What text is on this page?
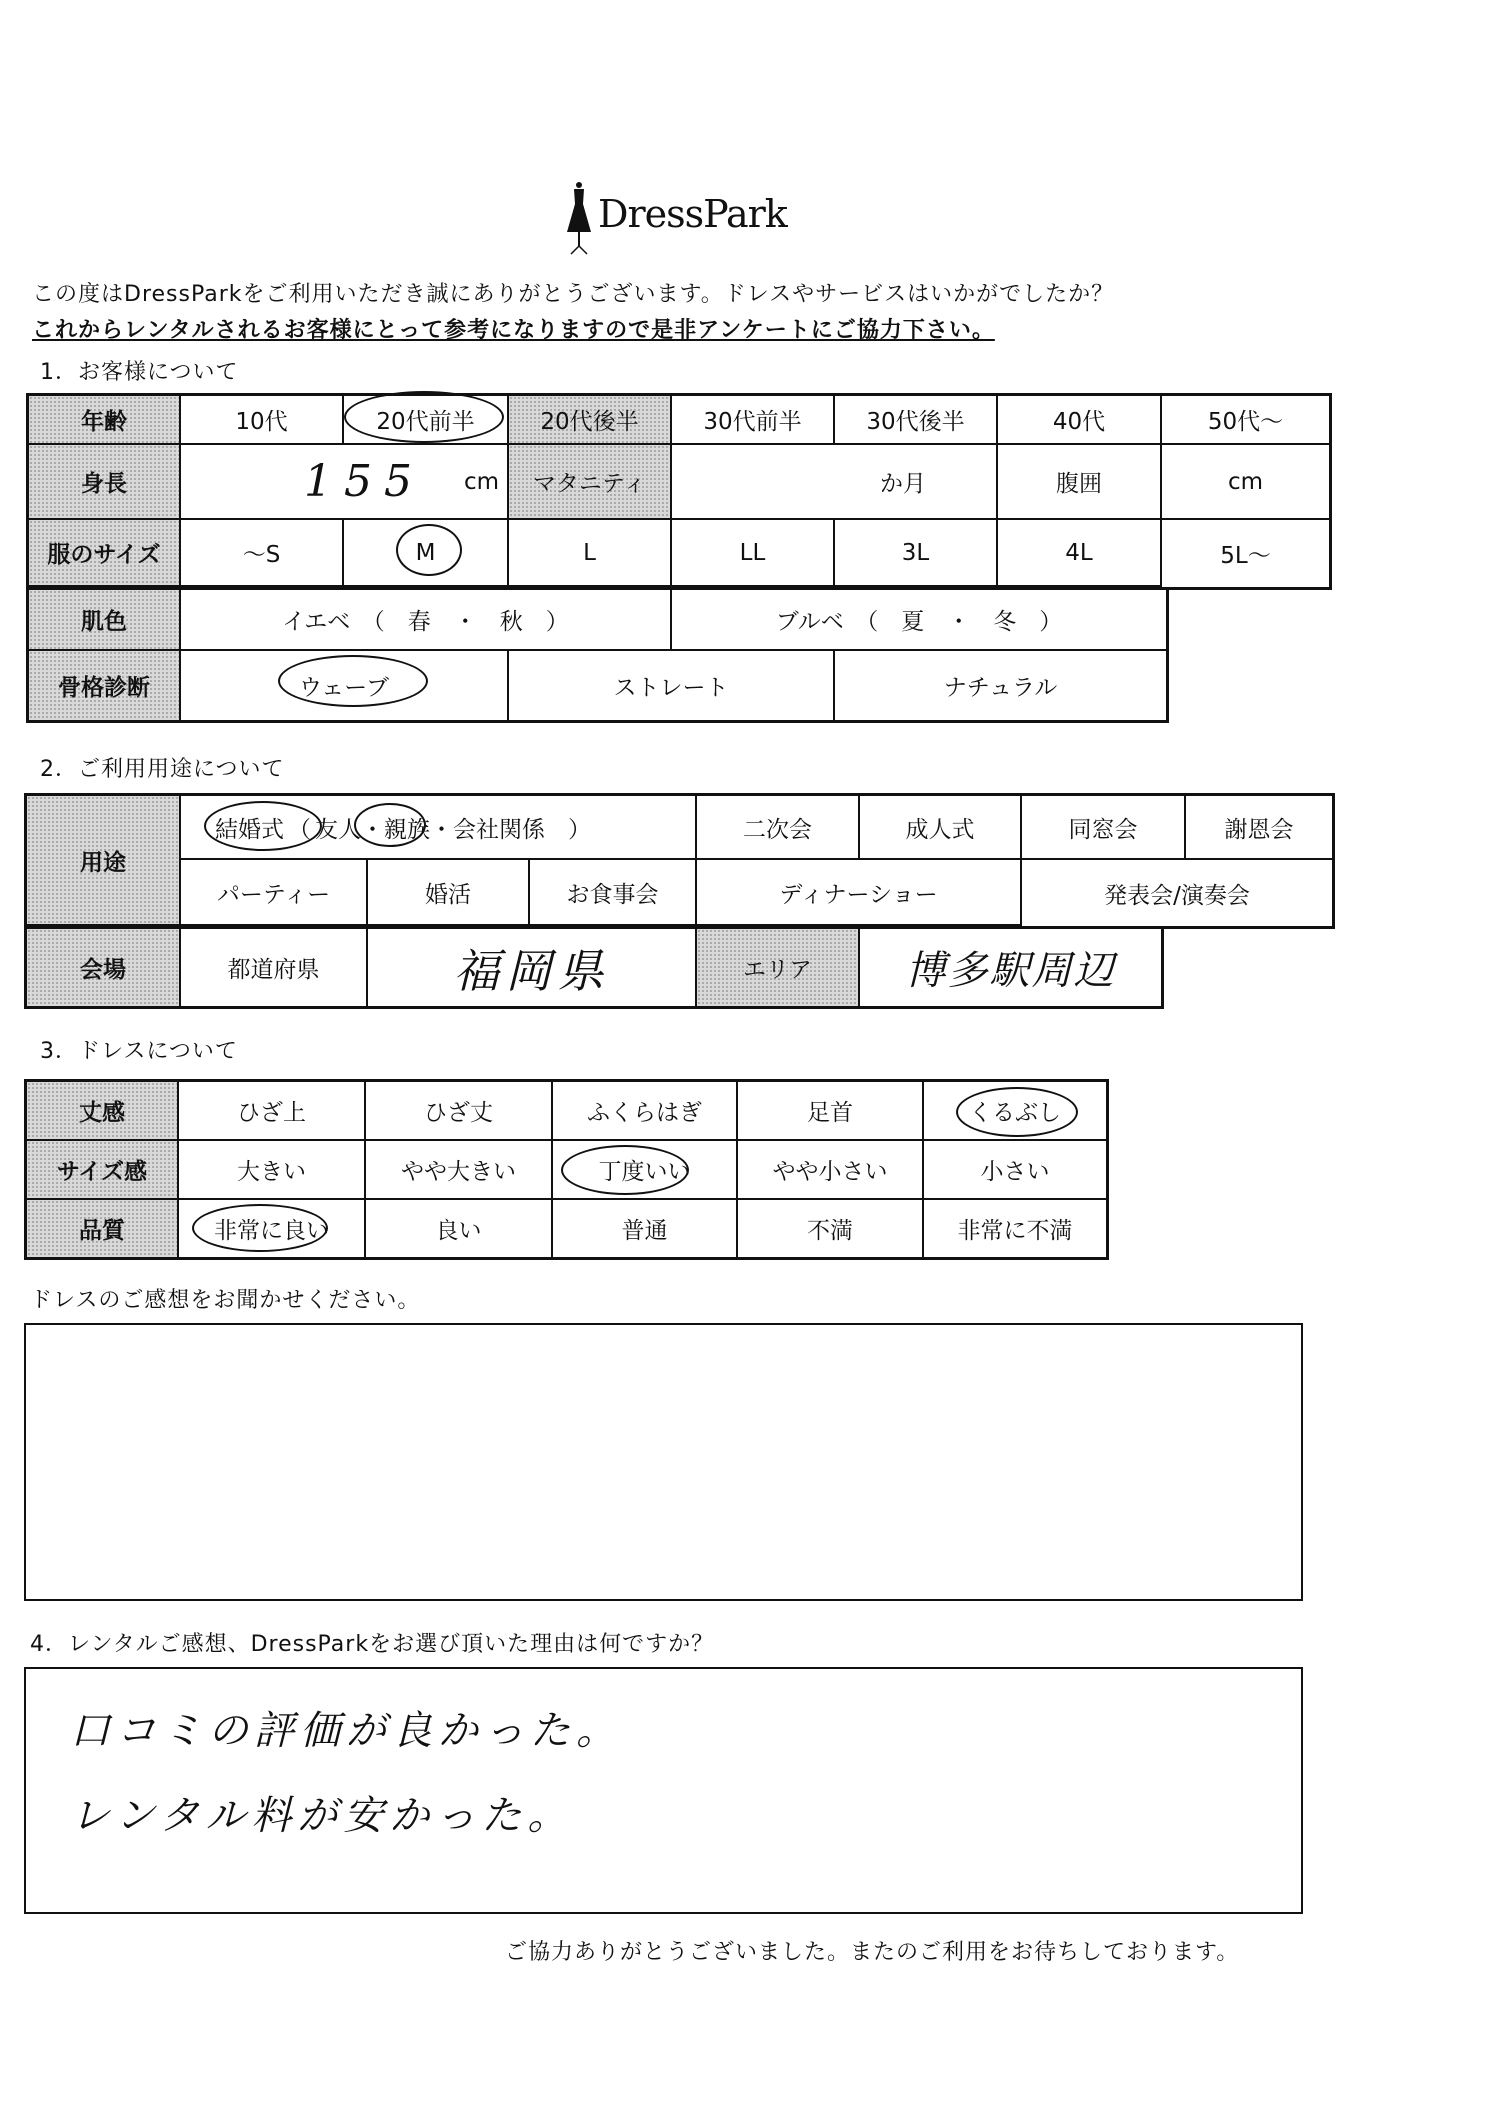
DressPark
この度はDressParkをご利用いただき誠にありがとうございます。ドレスやサービスはいかがでしたか？
これからレンタルされるお客様にとって参考になりますので是非アンケートにご協力下さい。
1．お客様について
年齢	10代	20代前半	20代後半	30代前半	30代後半	40代	50代～
身長	155 cm	マタニティ	か月	腹囲	cm
服のサイズ	～S	M	L	LL	3L	4L	5L～
肌色	イエベ　（　春　・　秋　）	ブルベ　（　夏　・　冬　）
骨格診断	ウェーブ	ストレート	ナチュラル
2．ご利用用途について
用途
結婚式 （ 友人 ・親族・会社関係　）	二次会	成人式	同窓会	謝恩会
パーティー	婚活	お食事会	ディナーショー	発表会/演奏会
会場	都道府県	福岡県	エリア	博多駅周辺
3．ドレスについて
丈感	ひざ上	ひざ丈	ふくらはぎ	足首	くるぶし
サイズ感	大きい	やや大きい	丁度いい	やや小さい	小さい
品質	非常に良い	良い	普通	不満	非常に不満
ドレスのご感想をお聞かせください。
4．レンタルご感想、DressParkをお選び頂いた理由は何ですか？
口コミの評価が良かった。
レンタル料が安かった。
ご協力ありがとうございました。またのご利用をお待ちしております。
